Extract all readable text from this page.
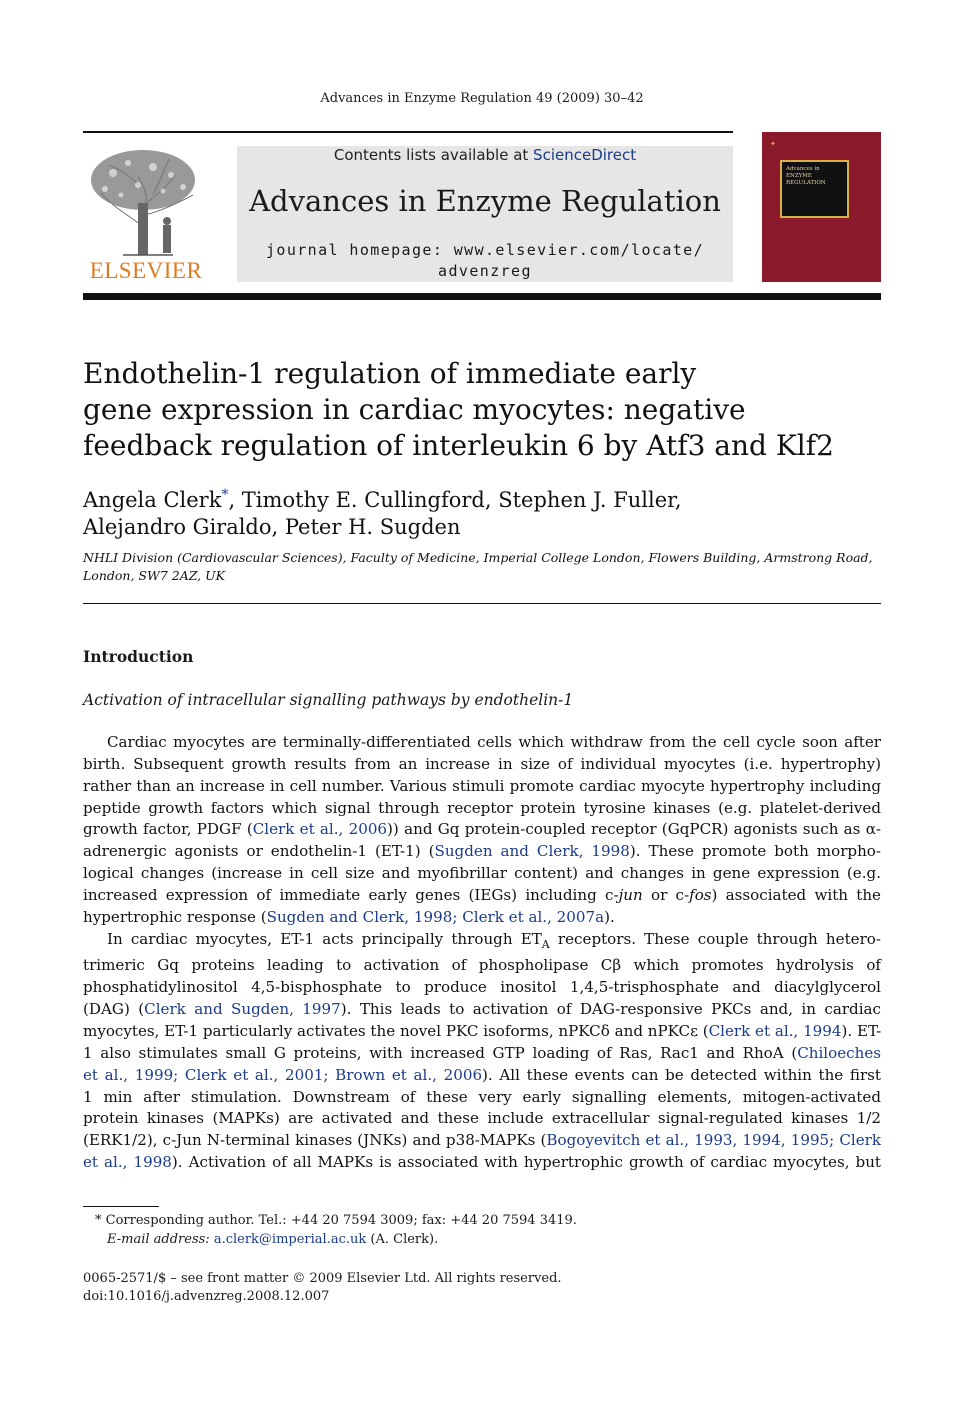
Advances in Enzyme Regulation 49 (2009) 30–42
ELSEVIER
Contents lists available at ScienceDirect
Advances in Enzyme Regulation
journal homepage: www.elsevier.com/locate/
advenzreg
✦
Advances in ENZYME REGULATION
Endothelin-1 regulation of immediate early
gene expression in cardiac myocytes: negative
feedback regulation of interleukin 6 by Atf3 and Klf2
Angela Clerk*, Timothy E. Cullingford, Stephen J. Fuller,
Alejandro Giraldo, Peter H. Sugden
NHLI Division (Cardiovascular Sciences), Faculty of Medicine, Imperial College London, Flowers Building, Armstrong Road, London, SW7 2AZ, UK
Introduction
Activation of intracellular signalling pathways by endothelin-1
Cardiac myocytes are terminally-differentiated cells which withdraw from the cell cycle soon after
birth. Subsequent growth results from an increase in size of individual myocytes (i.e. hypertrophy)
rather than an increase in cell number. Various stimuli promote cardiac myocyte hypertrophy including
peptide growth factors which signal through receptor protein tyrosine kinases (e.g. platelet-derived
growth factor, PDGF (Clerk et al., 2006)) and Gq protein-coupled receptor (GqPCR) agonists such as α-
adrenergic agonists or endothelin-1 (ET-1) (Sugden and Clerk, 1998). These promote both morpho-
logical changes (increase in cell size and myofibrillar content) and changes in gene expression (e.g.
increased expression of immediate early genes (IEGs) including c-jun or c-fos) associated with the
hypertrophic response (Sugden and Clerk, 1998; Clerk et al., 2007a).
In cardiac myocytes, ET-1 acts principally through $ET_A$ receptors. These couple through hetero-
trimeric Gq proteins leading to activation of phospholipase Cβ which promotes hydrolysis of
phosphatidylinositol 4,5-bisphosphate to produce inositol 1,4,5-trisphosphate and diacylglycerol
(DAG) (Clerk and Sugden, 1997). This leads to activation of DAG-responsive PKCs and, in cardiac
myocytes, ET-1 particularly activates the novel PKC isoforms, nPKCδ and nPKCε (Clerk et al., 1994). ET-
1 also stimulates small G proteins, with increased GTP loading of Ras, Rac1 and RhoA (Chiloeches
et al., 1999; Clerk et al., 2001; Brown et al., 2006). All these events can be detected within the first
1 min after stimulation. Downstream of these very early signalling elements, mitogen-activated
protein kinases (MAPKs) are activated and these include extracellular signal-regulated kinases 1/2
(ERK1/2), c-Jun N-terminal kinases (JNKs) and p38-MAPKs (Bogoyevitch et al., 1993, 1994, 1995; Clerk
et al., 1998). Activation of all MAPKs is associated with hypertrophic growth of cardiac myocytes, but
* Corresponding author. Tel.: +44 20 7594 3009; fax: +44 20 7594 3419.
E-mail address: a.clerk@imperial.ac.uk (A. Clerk).
0065-2571/$ – see front matter © 2009 Elsevier Ltd. All rights reserved.
doi:10.1016/j.advenzreg.2008.12.007
